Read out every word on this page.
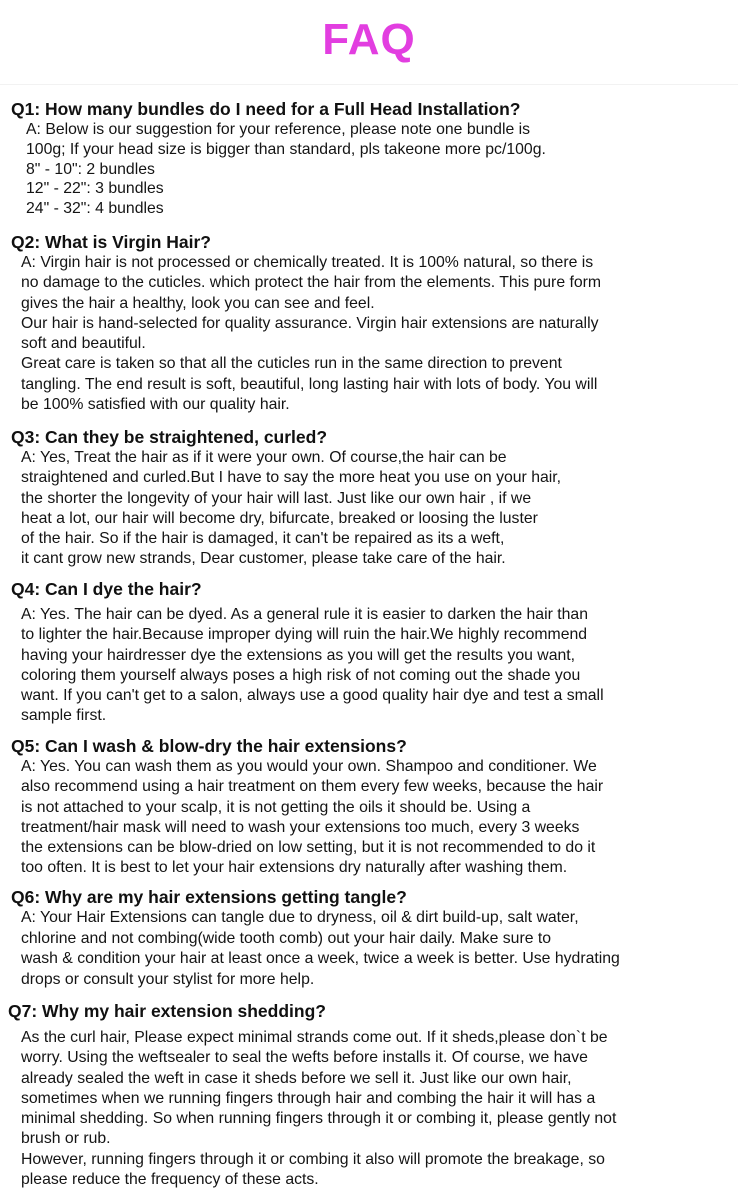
FAQ
Q1: How many bundles do I need for a Full Head Installation?
A: Below is our suggestion for your reference, please note one bundle is
100g; If your head size is bigger than standard, pls takeone more pc/100g.
8" - 10": 2 bundles
12" - 22": 3 bundles
24" - 32": 4 bundles
Q2: What is Virgin Hair?
A: Virgin hair is not processed or chemically treated. It is 100% natural, so there is
no damage to the cuticles. which protect the hair from the elements. This pure form
gives the hair a healthy, look you can see and feel.
Our hair is hand-selected for quality assurance. Virgin hair extensions are naturally
soft and beautiful.
Great care is taken so that all the cuticles run in the same direction to prevent
tangling. The end result is soft, beautiful, long lasting hair with lots of body. You will
be 100% satisfied with our quality hair.
Q3: Can they be straightened, curled?
A: Yes, Treat the hair as if it were your own. Of course,the hair can be
straightened and curled.But I have to say the more heat you use on your hair,
the shorter the longevity of your hair will last. Just like our own hair , if we
heat a lot, our hair will become dry, bifurcate, breaked or loosing the luster
of the hair. So if the hair is damaged, it can't be repaired as its a weft,
it cant grow new strands, Dear customer, please take care of the hair.
Q4: Can I dye the hair?
A: Yes. The hair can be dyed. As a general rule it is easier to darken the hair than
to lighter the hair.Because improper dying will ruin the hair.We highly recommend
having your hairdresser dye the extensions as you will get the results you want,
coloring them yourself always poses a high risk of not coming out the shade you
want. If you can't get to a salon, always use a good quality hair dye and test a small
sample first.
Q5: Can I wash & blow-dry the hair extensions?
A: Yes. You can wash them as you would your own. Shampoo and conditioner. We
also recommend using a hair treatment on them every few weeks, because the hair
is not attached to your scalp, it is not getting the oils it should be. Using a
treatment/hair mask will need to wash your extensions too much, every 3 weeks
the extensions can be blow-dried on low setting, but it is not recommended to do it
too often. It is best to let your hair extensions dry naturally after washing them.
Q6: Why are my hair extensions getting tangle?
A: Your Hair Extensions can tangle due to dryness, oil & dirt build-up, salt water,
chlorine and not combing(wide tooth comb) out your hair daily. Make sure to
wash & condition your hair at least once a week, twice a week is better. Use hydrating
drops or consult your stylist for more help.
Q7: Why my hair extension shedding?
As the curl hair, Please expect minimal strands come out. If it sheds,please don`t be
worry. Using the weftsealer to seal the wefts before installs it. Of course, we have
already sealed the weft in case it sheds before we sell it. Just like our own hair,
sometimes when we running fingers through hair and combing the hair it will has a
minimal shedding. So when running fingers through it or combing it, please gently not
brush or rub.
However, running fingers through it or combing it also will promote the breakage, so
please reduce the frequency of these acts.
